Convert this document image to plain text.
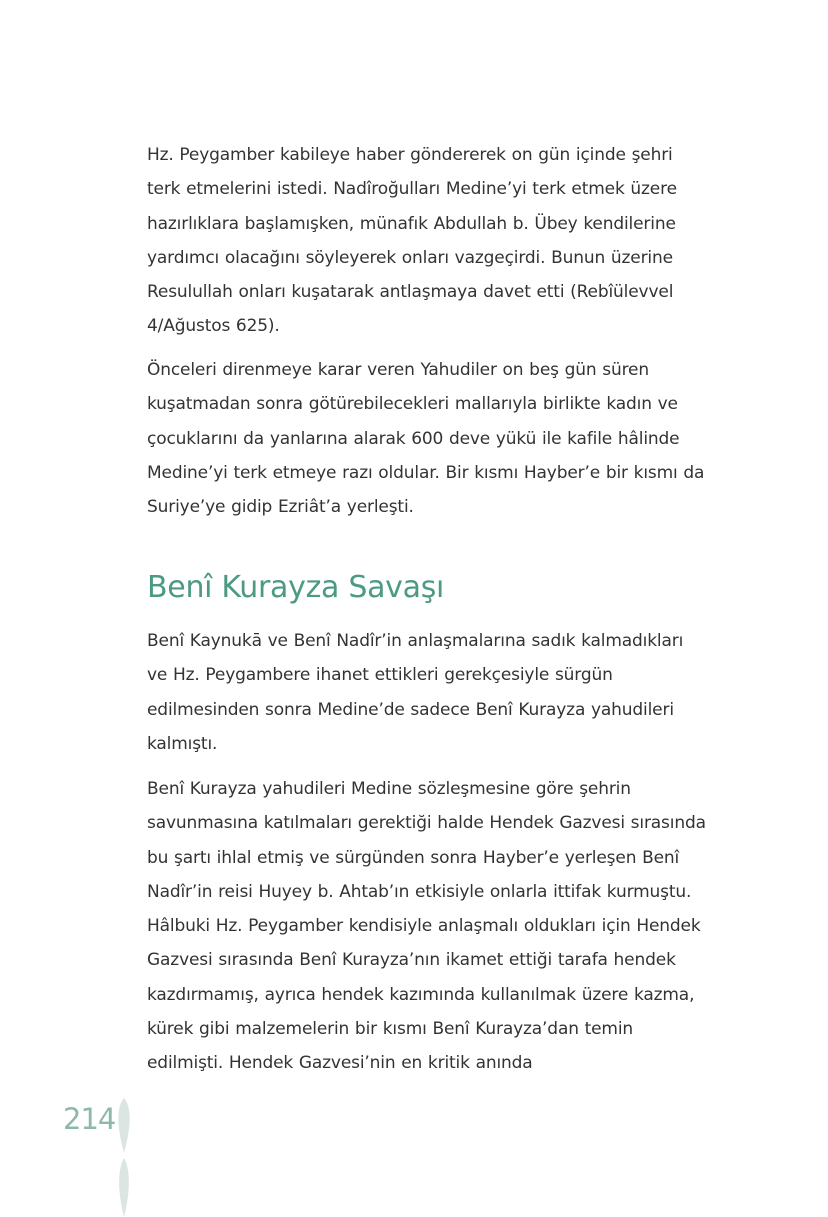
Hz. Peygamber kabileye haber göndererek on gün içinde şehri terk etmelerini istedi. Nadîroğulları Medine’yi terk etmek üzere hazırlıklara başlamışken, münafık Abdullah b. Übey kendilerine yardımcı olacağını söyleyerek onları vazgeçirdi. Bunun üzerine Resulullah onları kuşatarak antlaşmaya davet etti (Rebîülevvel 4/Ağustos 625).

Önceleri direnmeye karar veren Yahudiler on beş gün süren kuşatmadan sonra götürebilecekleri mallarıyla birlikte kadın ve çocuklarını da yanlarına alarak 600 deve yükü ile kafile hâlinde Medine’yi terk etmeye razı oldular. Bir kısmı Hayber’e bir kısmı da Suriye’ye gidip Ezriât’a yerleşti.

Benî Kurayza Savaşı

Benî Kaynukā ve Benî Nadîr’in anlaşmalarına sadık kalmadıkları ve Hz. Peygambere ihanet ettikleri gerekçesiyle sürgün edilmesinden sonra Medine’de sadece Benî Kurayza yahudileri kalmıştı.

Benî Kurayza yahudileri Medine sözleşmesine göre şehrin savunmasına katılmaları gerektiği halde Hendek Gazvesi sırasında bu şartı ihlal etmiş ve sürgünden sonra Hayber’e yerleşen Benî Nadîr’in reisi Huyey b. Ahtab’ın etkisiyle onlarla ittifak kurmuştu. Hâlbuki Hz. Peygamber kendisiyle anlaşmalı oldukları için Hendek Gazvesi sırasında Benî Kurayza’nın ikamet ettiği tarafa hendek kazdırmamış, ayrıca hendek kazımında kullanılmak üzere kazma, kürek gibi malzemelerin bir kısmı Benî Kurayza’dan temin edilmişti. Hendek Gazvesi’nin en kritik anında

214
